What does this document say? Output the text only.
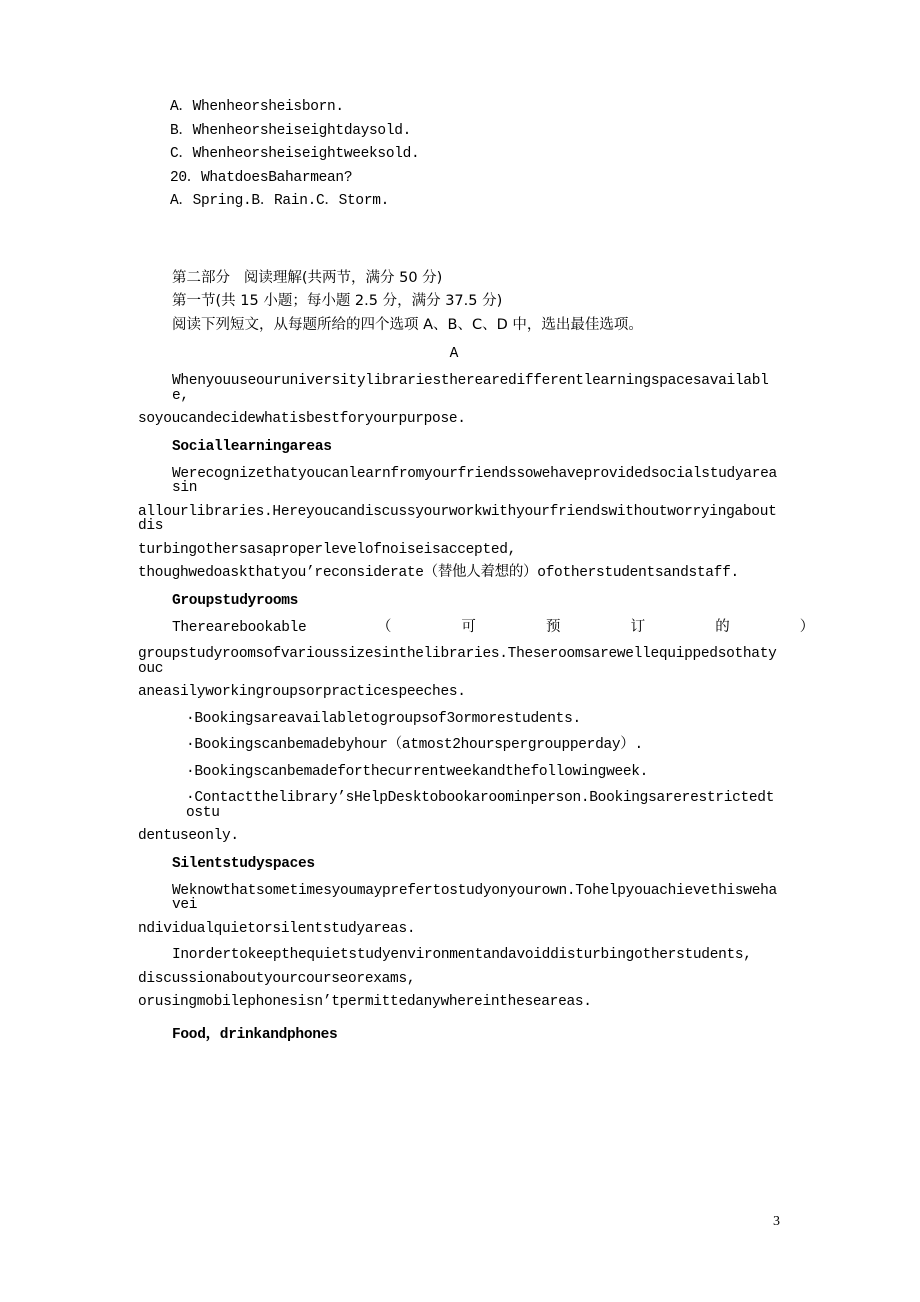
A．Whenheorsheisborn.
B．Whenheorsheiseightdaysold.
C．Whenheorsheiseightweeksold.
20．WhatdoesBaharmean?
A．Spring.B．Rain.C．Storm.
第二部分   阅读理解(共两节，满分 50 分)
第一节(共 15 小题；每小题 2.5 分，满分 37.5 分)
阅读下列短文，从每题所给的四个选项 A、B、C、D 中，选出最佳选项。
A
Whenyouuseouruniversitylibrariestherearedifferentlearningspacesavailable,
soyoucandecidewhatisbestforyourpurpose.
Sociallearningareas
Werecognizethatyoucanlearnfromyourfriendssowehaveprovidedsocialstudyareasin
allourlibraries.Hereyoucandiscussyourworkwithyourfriendswithoutworryingaboutdis
turbingothersasaproperlevelofnoiseisaccepted,
thoughwedoaskthatyou’reconsiderate（替他人着想的）ofotherstudentsandstaff.
Groupstudyrooms
Therearebookable	（	可	预	订	的	）
groupstudyroomsofvarioussizesinthelibraries.Theseroomsarewellequippedsothatyouc
aneasilyworkingroupsorpracticespeeches.
·Bookingsareavailabletogroupsof3ormorestudents.
·Bookingscanbemadebyhour（atmost2hourspergroupperday）.
·Bookingscanbemadeforthecurrentweekandthefollowingweek.
·Contactthelibrary’sHelpDesktobookaroominperson.Bookingsarerestrictedtostu
dentuseonly.
Silentstudyspaces
Weknowthatsometimesyoumayprefertostudyonyourown.Tohelpyouachievethiswehavei
ndividualquietorsilentstudyareas.
Inordertokeepthequietstudyenvironmentandavoiddisturbingotherstudents,
discussionaboutyourcourseorexams,
orusingmobilephonesisn’tpermittedanywhereintheseareas.
Food，drinkandphones
3
